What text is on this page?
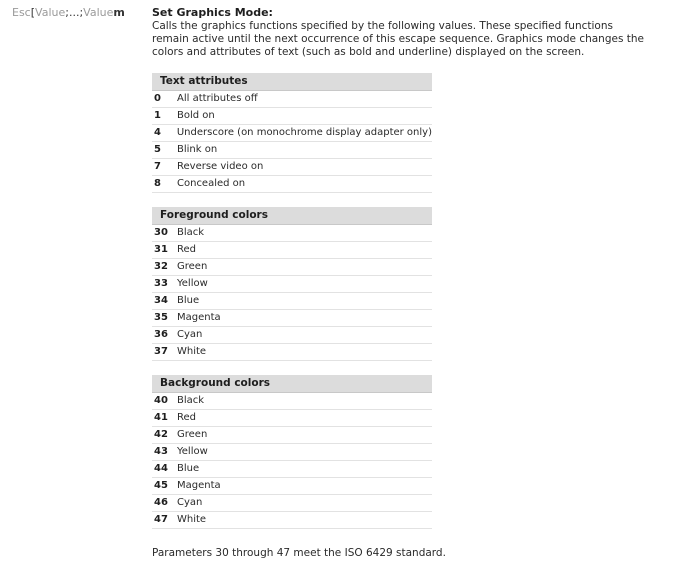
Esc[Value;...;Valuem Set Graphics Mode:
Calls the graphics functions specified by the following values. These specified functions remain active until the next occurrence of this escape sequence. Graphics mode changes the colors and attributes of text (such as bold and underline) displayed on the screen.
Text attributes
0	All attributes off
1	Bold on
4	Underscore (on monochrome display adapter only)
5	Blink on
7	Reverse video on
8	Concealed on
Foreground colors
30 Black
31 Red
32 Green
33 Yellow
34 Blue
35 Magenta
36 Cyan
37 White
Background colors
40 Black
41 Red
42 Green
43 Yellow
44 Blue
45 Magenta
46 Cyan
47 White
Parameters 30 through 47 meet the ISO 6429 standard.
